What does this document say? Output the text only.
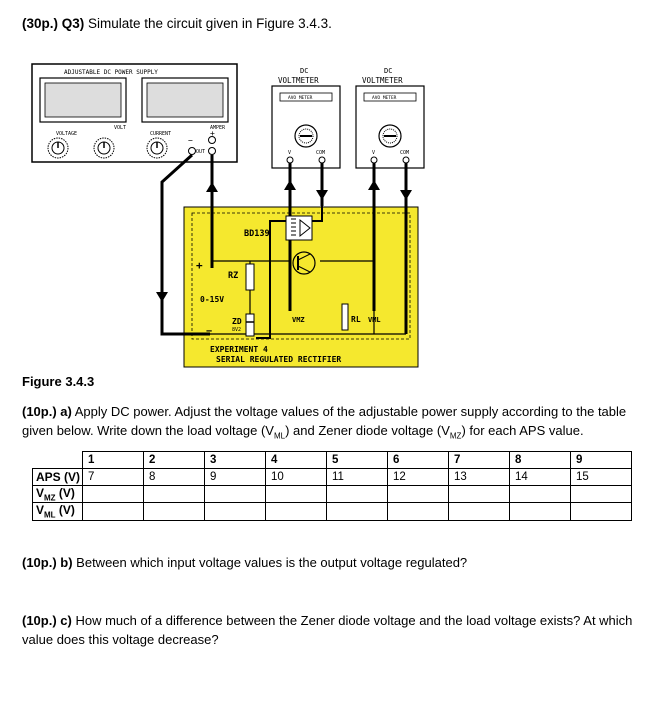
(30p.) Q3) Simulate the circuit given in Figure 3.4.3.
ADJUSTABLE DC POWER SUPPLY
VOLT	AMPER
VOLTAGE	CURRENT
OUT
−
+
DC
VOLTMETER
AVO METER
V	COM
DC
VOLTMETER
AVO METER
V	COM
BD139
RZ
ZD
8V2
0-15V
+
−
VMZ	RL VML
EXPERIMENT 4
SERIAL REGULATED RECTIFIER
Figure 3.4.3
(10p.) a) Apply DC power. Adjust the voltage values of the adjustable power supply according to the table given below. Write down the load voltage $(V_{ML})$ and Zener diode voltage $(V_{MZ})$ for each APS value.
	1	2	3	4	5	6	7	8	9
APS (V)	7	8	9	10	11	12	13	14	15
$V_{MZ}$ (V)									
$V_{ML}$ (V)									
(10p.) b) Between which input voltage values is the output voltage regulated?
(10p.) c) How much of a difference between the Zener diode voltage and the load voltage exists? At which value does this voltage decrease?
